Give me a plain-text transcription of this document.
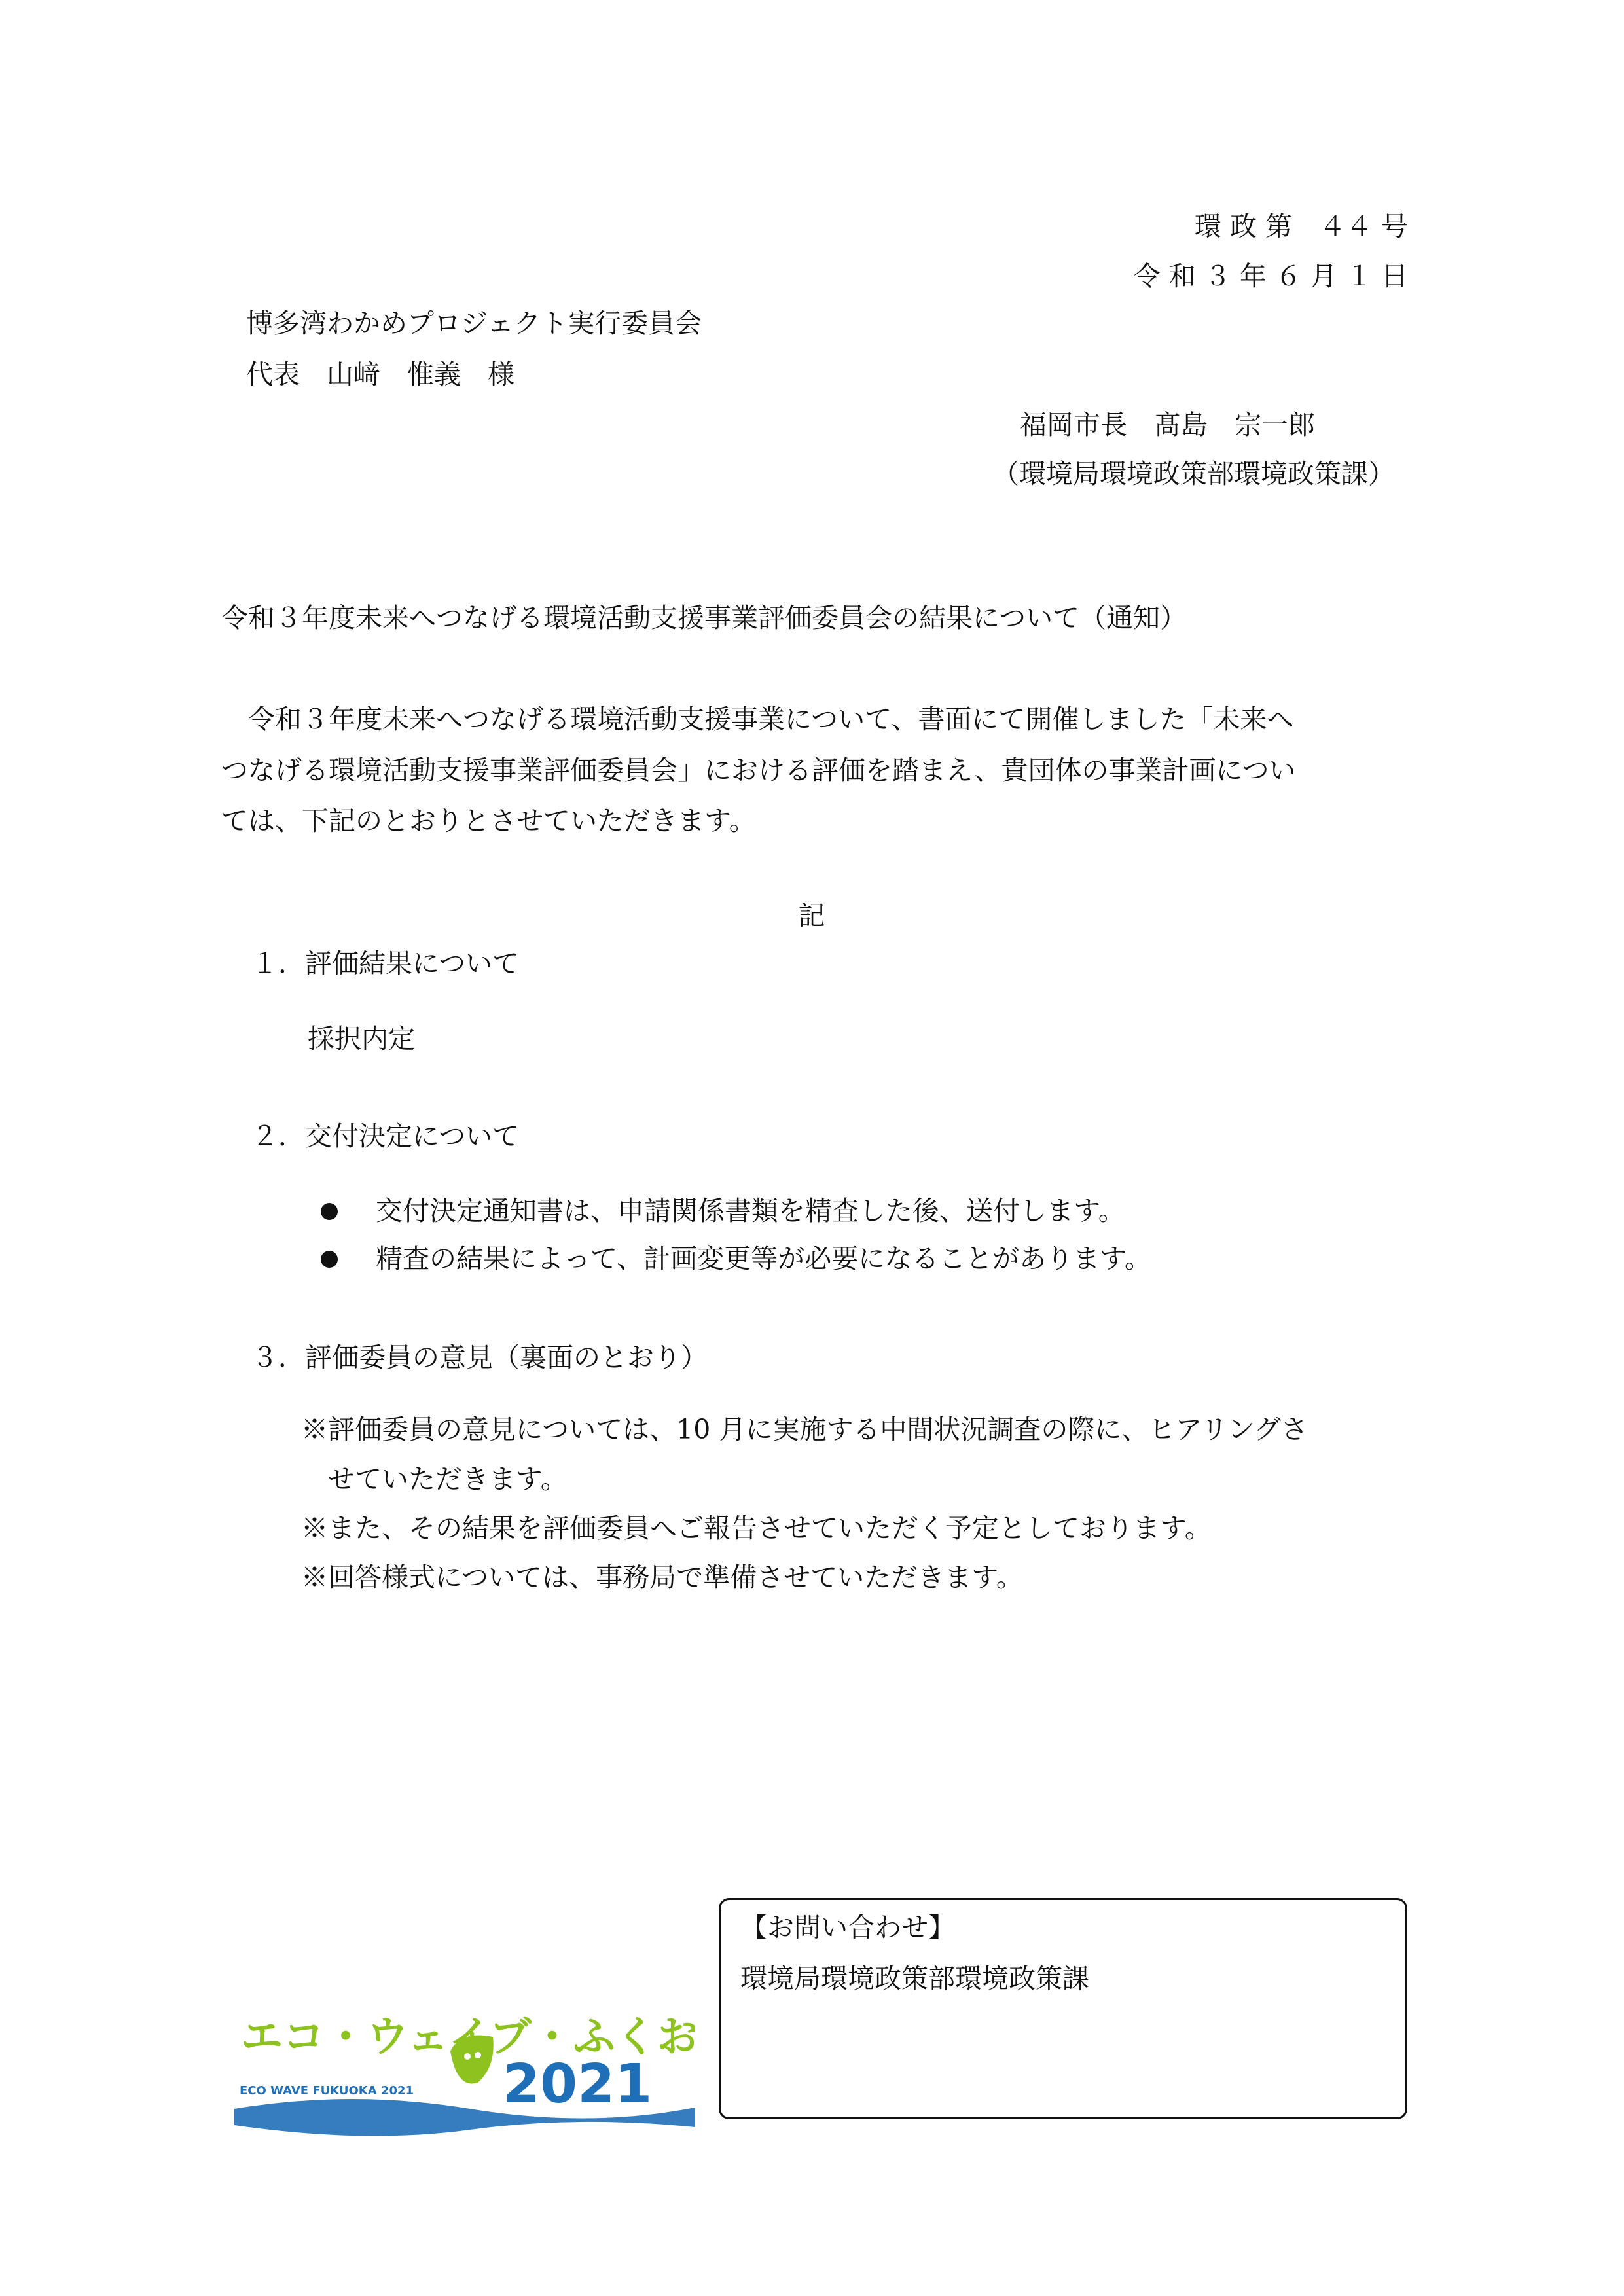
環 政 第　４４ 号
令 和 ３ 年 ６ 月 １ 日
博多湾わかめプロジェクト実行委員会
代表　山﨑　惟義　様
福岡市長　髙島　宗一郎
（環境局環境政策部環境政策課）
令和３年度未来へつなげる環境活動支援事業評価委員会の結果について（通知）
　令和３年度未来へつなげる環境活動支援事業について、書面にて開催しました「未来へ
つなげる環境活動支援事業評価委員会」における評価を踏まえ、貴団体の事業計画につい
ては、下記のとおりとさせていただきます。
記
１．評価結果について
採択内定
２．交付決定について
交付決定通知書は、申請関係書類を精査した後、送付します。
精査の結果によって、計画変更等が必要になることがあります。
３．評価委員の意見（裏面のとおり）
※評価委員の意見については、10 月に実施する中間状況調査の際に、ヒアリングさ
　せていただきます。
※また、その結果を評価委員へご報告させていただく予定としております。
※回答様式については、事務局で準備させていただきます。
【お問い合わせ】
環境局環境政策部環境政策課
エコ・ウェイブ・ふくおか
2021
ECO WAVE FUKUOKA 2021
